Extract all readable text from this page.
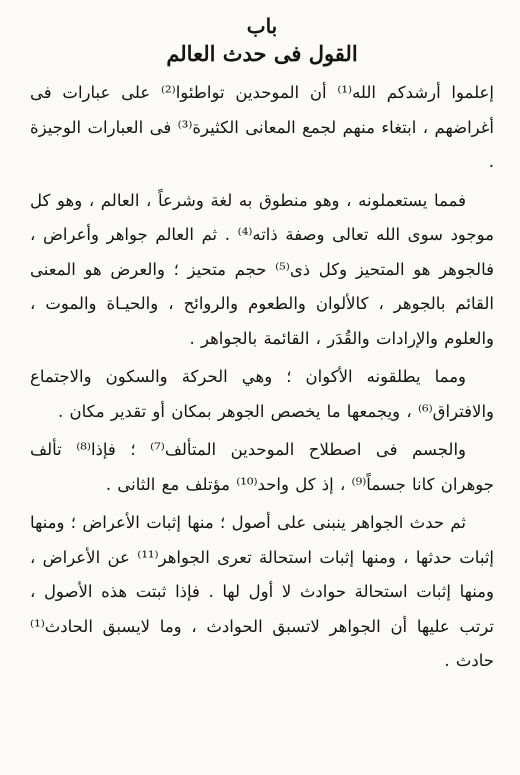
باب
القول فى حدث العالم

إعلموا أرشدكم الله⁽¹⁾ أن الموحدين تواطئوا⁽²⁾ على عبارات فى أغراضهم ، ابتغاء منهم لجمع المعانى الكثيرة⁽³⁾ فى العبارات الوجيزة .

فمما يستعملونه ، وهو منطوق به لغة وشرعاً ، العالم ، وهو كل موجود سوى الله تعالى وصفة ذاته⁽⁴⁾ . ثم العالم جواهر وأعراض ، فالجوهر هو المتحيز وكل ذى⁽⁵⁾ حجم متحيز ؛ والعرض هو المعنى القائم بالجوهر ، كالألوان والطعوم والروائح ، والحيـاة والموت ، والعلوم والإرادات والقُدَر ، القائمة بالجواهر .

ومما يطلقونه الأكوان ؛ وهي الحركة والسكون والاجتماع والافتراق⁽⁶⁾ ، ويجمعها ما يخصص الجوهر بمكان أو تقدير مكان .

والجسم فى اصطلاح الموحدين المتألف⁽⁷⁾ ؛ فإذا⁽⁸⁾ تألف جوهران كانا جسماً⁽⁹⁾ ، إذ كل واحد⁽¹⁰⁾ مؤتلف مع الثانى .

ثم حدث الجواهر ينبنى على أصول ؛ منها إثبات الأعراض ؛ ومنها إثبات حدثها ، ومنها إثبات استحالة تعرى الجواهر⁽¹¹⁾ عن الأعراض ، ومنها إثبات استحالة حوادث لا أول لها . فإذا ثبتت هذه الأصول ، ترتب عليها أن الجواهر لاتسبق الحوادث ، وما لايسبق الحادث⁽¹⁾ حادث .
